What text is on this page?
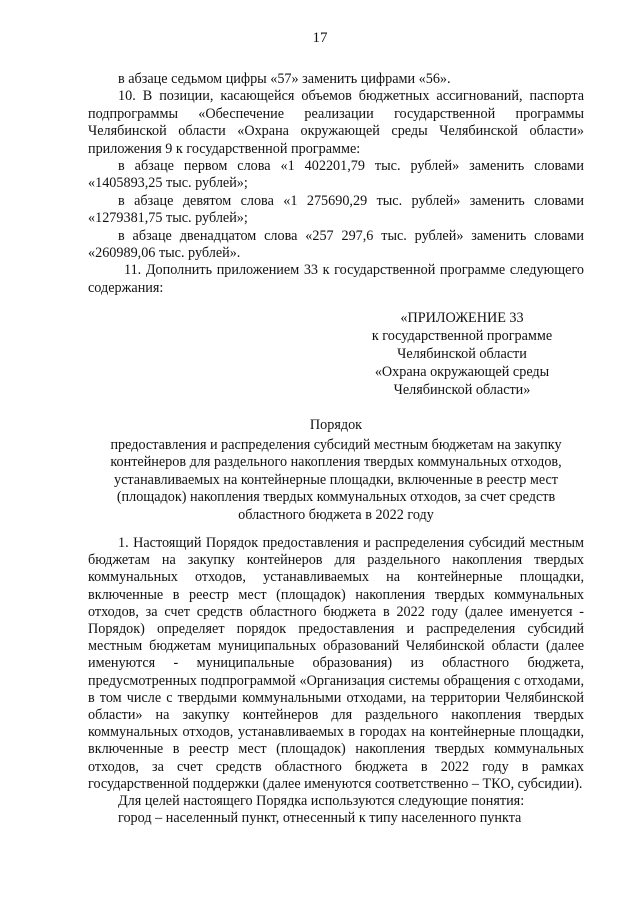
17

в абзаце седьмом цифры «57» заменить цифрами «56».

10. В позиции, касающейся объемов бюджетных ассигнований, паспорта подпрограммы «Обеспечение реализации государственной программы Челябинской области «Охрана окружающей среды Челябинской области» приложения 9 к государственной программе:

в абзаце первом слова «1 402201,79 тыс. рублей» заменить словами «1405893,25 тыс. рублей»;

в абзаце девятом слова «1 275690,29 тыс. рублей» заменить словами «1279381,75 тыс. рублей»;

в абзаце двенадцатом слова «257 297,6 тыс. рублей» заменить словами «260989,06 тыс. рублей».

11. Дополнить приложением 33 к государственной программе следующего содержания:

«ПРИЛОЖЕНИЕ 33
к государственной программе
Челябинской области
«Охрана окружающей среды
Челябинской области»
Порядок
предоставления и распределения субсидий местным бюджетам на закупку
контейнеров для раздельного накопления твердых коммунальных отходов,
устанавливаемых на контейнерные площадки, включенные в реестр мест
(площадок) накопления твердых коммунальных отходов, за счет средств
областного бюджета в 2022 году

1. Настоящий Порядок предоставления и распределения субсидий местным бюджетам на закупку контейнеров для раздельного накопления твердых коммунальных отходов, устанавливаемых на контейнерные площадки, включенные в реестр мест (площадок) накопления твердых коммунальных отходов, за счет средств областного бюджета в 2022 году (далее именуется - Порядок) определяет порядок предоставления и распределения субсидий местным бюджетам муниципальных образований Челябинской области (далее именуются - муниципальные образования) из областного бюджета, предусмотренных подпрограммой «Организация системы обращения с отходами, в том числе с твердыми коммунальными отходами, на территории Челябинской области» на закупку контейнеров для раздельного накопления твердых коммунальных отходов, устанавливаемых в городах на контейнерные площадки, включенные в реестр мест (площадок) накопления твердых коммунальных отходов, за счет средств областного бюджета в 2022 году в рамках государственной поддержки (далее именуются соответственно – ТКО, субсидии).

Для целей настоящего Порядка используются следующие понятия:

город – населенный пункт, отнесенный к типу населенного пункта
